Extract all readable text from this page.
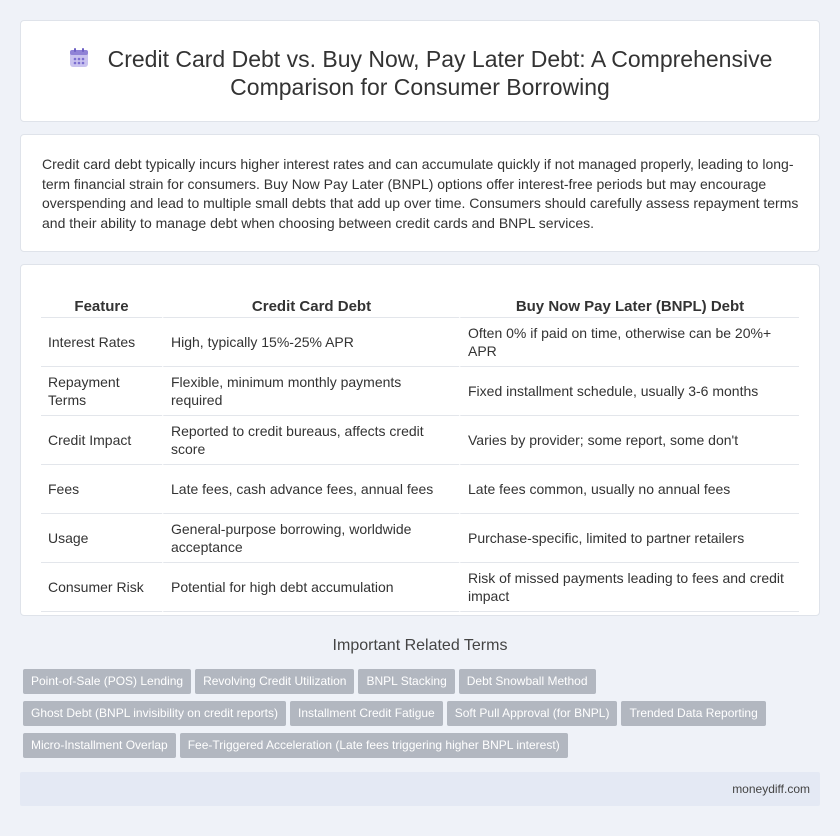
Credit Card Debt vs. Buy Now, Pay Later Debt: A Comprehensive Comparison for Consumer Borrowing

Credit card debt typically incurs higher interest rates and can accumulate quickly if not managed properly, leading to long-term financial strain for consumers. Buy Now Pay Later (BNPL) options offer interest-free periods but may encourage overspending and lead to multiple small debts that add up over time. Consumers should carefully assess repayment terms and their ability to manage debt when choosing between credit cards and BNPL services.

Feature	Credit Card Debt	Buy Now Pay Later (BNPL) Debt
Interest Rates	High, typically 15%-25% APR	Often 0% if paid on time, otherwise can be 20%+ APR
Repayment Terms	Flexible, minimum monthly payments required	Fixed installment schedule, usually 3-6 months
Credit Impact	Reported to credit bureaus, affects credit score	Varies by provider; some report, some don't
Fees	Late fees, cash advance fees, annual fees	Late fees common, usually no annual fees
Usage	General-purpose borrowing, worldwide acceptance	Purchase-specific, limited to partner retailers
Consumer Risk	Potential for high debt accumulation	Risk of missed payments leading to fees and credit impact
Important Related Terms
Point-of-Sale (POS) Lending Revolving Credit Utilization BNPL Stacking Debt Snowball Method
Ghost Debt (BNPL invisibility on credit reports) Installment Credit Fatigue Soft Pull Approval (for BNPL) Trended Data Reporting
Micro-Installment Overlap Fee-Triggered Acceleration (Late fees triggering higher BNPL interest)
moneydiff.com
